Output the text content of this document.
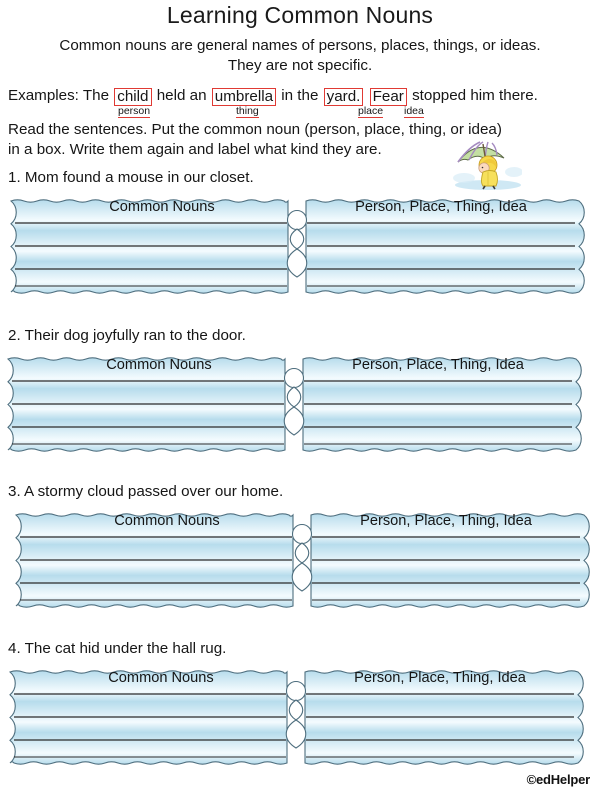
Learning Common Nouns
Common nouns are general names of persons, places, things, or ideas.
They are not specific.
Examples: The child held an umbrella in the yard. Fear stopped him there.
person	thing	place idea
Read the sentences. Put the common noun (person, place, thing, or idea)
in a box. Write them again and label what kind they are.
1. Mom found a mouse in our closet.
Common Nouns	Person, Place, Thing, Idea
2. Their dog joyfully ran to the door.
Common Nouns	Person, Place, Thing, Idea
3. A stormy cloud passed over our home.
Common Nouns	Person, Place, Thing, Idea
4. The cat hid under the hall rug.
Common Nouns	Person, Place, Thing, Idea
©edHelper
